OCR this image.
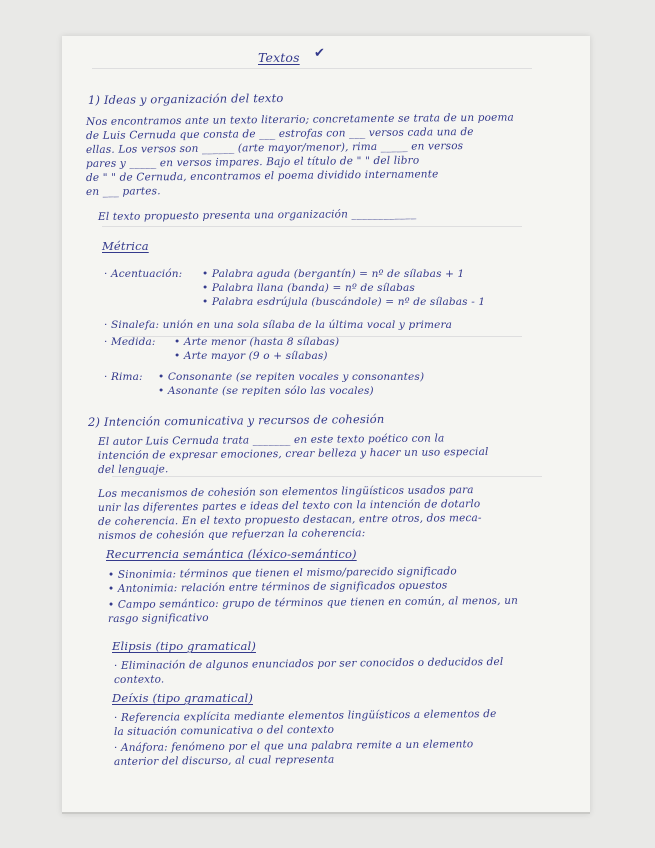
Textos ✔
1) Ideas y organización del texto
Nos encontramos ante un texto literario; concretamente se trata de un poema
de Luis Cernuda que consta de ___ estrofas con ___ versos cada una de
ellas. Los versos son ______ (arte mayor/menor), rima _____ en versos
pares y _____ en versos impares. Bajo el título de " " del libro
de " " de Cernuda, encontramos el poema dividido internamente
en ___ partes.
El texto propuesto presenta una organización ____________
Métrica
· Acentuación: • Palabra aguda (bergantín) = nº de sílabas + 1
• Palabra llana (banda) = nº de sílabas
• Palabra esdrújula (buscándole) = nº de sílabas - 1
· Sinalefa: unión en una sola sílaba de la última vocal y primera
· Medida: • Arte menor (hasta 8 sílabas)
• Arte mayor (9 o + sílabas)
· Rima: • Consonante (se repiten vocales y consonantes)
• Asonante (se repiten sólo las vocales)
2) Intención comunicativa y recursos de cohesión
El autor Luis Cernuda trata _______ en este texto poético con la
intención de expresar emociones, crear belleza y hacer un uso especial
del lenguaje.
Los mecanismos de cohesión son elementos lingüísticos usados para
unir las diferentes partes e ideas del texto con la intención de dotarlo
de coherencia. En el texto propuesto destacan, entre otros, dos meca-
nismos de cohesión que refuerzan la coherencia:
Recurrencia semántica (léxico-semántico)
• Sinonimia: términos que tienen el mismo/parecido significado
• Antonimia: relación entre términos de significados opuestos
• Campo semántico: grupo de términos que tienen en común, al menos, un
rasgo significativo
Elipsis (tipo gramatical)
· Eliminación de algunos enunciados por ser conocidos o deducidos del
contexto.
Deíxis (tipo gramatical)
· Referencia explícita mediante elementos lingüísticos a elementos de
la situación comunicativa o del contexto
· Anáfora: fenómeno por el que una palabra remite a un elemento
anterior del discurso, al cual representa
